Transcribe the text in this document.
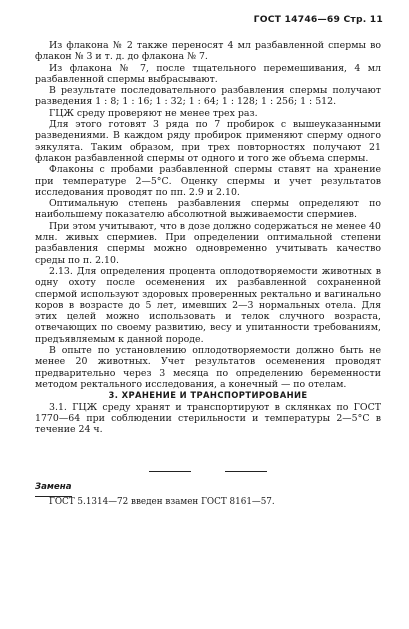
ГОСТ 14746—69 Стр. 11

Из флакона № 2 также переносят 4 мл разбавленной спермы во флакон № 3 и т. д. до флакона № 7.

Из флакона № 7, после тщательного перемешивания, 4 мл разбавленной спермы выбрасывают.

В результате последовательного разбавления спермы получают разведения 1 : 8; 1 : 16; 1 : 32; 1 : 64; 1 : 128; 1 : 256; 1 : 512.

ГЦЖ среду проверяют не менее трех раз.

Для этого готовят 3 ряда по 7 пробирок с вышеуказанными разведениями. В каждом ряду пробирок применяют сперму одного эякулята. Таким образом, при трех повторностях получают 21 флакон разбавленной спермы от одного и того же объема спермы.

Флаконы с пробами разбавленной спермы ставят на хранение при температуре 2—5°С. Оценку спермы и учет результатов исследования проводят по пп. 2.9 и 2.10.

Оптимальную степень разбавления спермы определяют по наибольшему показателю абсолютной выживаемости спермиев.

При этом учитывают, что в дозе должно содержаться не менее 40 млн. живых спермиев. При определении оптимальной степени разбавления спермы можно одновременно учитывать качество среды по п. 2.10.

2.13. Для определения процента оплодотворяемости животных в одну охоту после осеменения их разбавленной сохраненной спермой используют здоровых проверенных ректально и вагинально коров в возрасте до 5 лет, имевших 2—3 нормальных отела. Для этих целей можно использовать и телок случного возраста, отвечающих по своему развитию, весу и упитанности требованиям, предъявляемым к данной породе.

В опыте по установлению оплодотворяемости должно быть не менее 20 животных. Учет результатов осеменения проводят предварительно через 3 месяца по определению беременности методом ректального исследования, а конечный — по отелам.

3. ХРАНЕНИЕ И ТРАНСПОРТИРОВАНИЕ

3.1. ГЦЖ среду хранят и транспортируют в склянках по ГОСТ 1770—64 при соблюдении стерильности и температуры 2—5°С в течение 24 ч.

Замена

ГОСТ 5.1314—72 введен взамен ГОСТ 8161—57.
